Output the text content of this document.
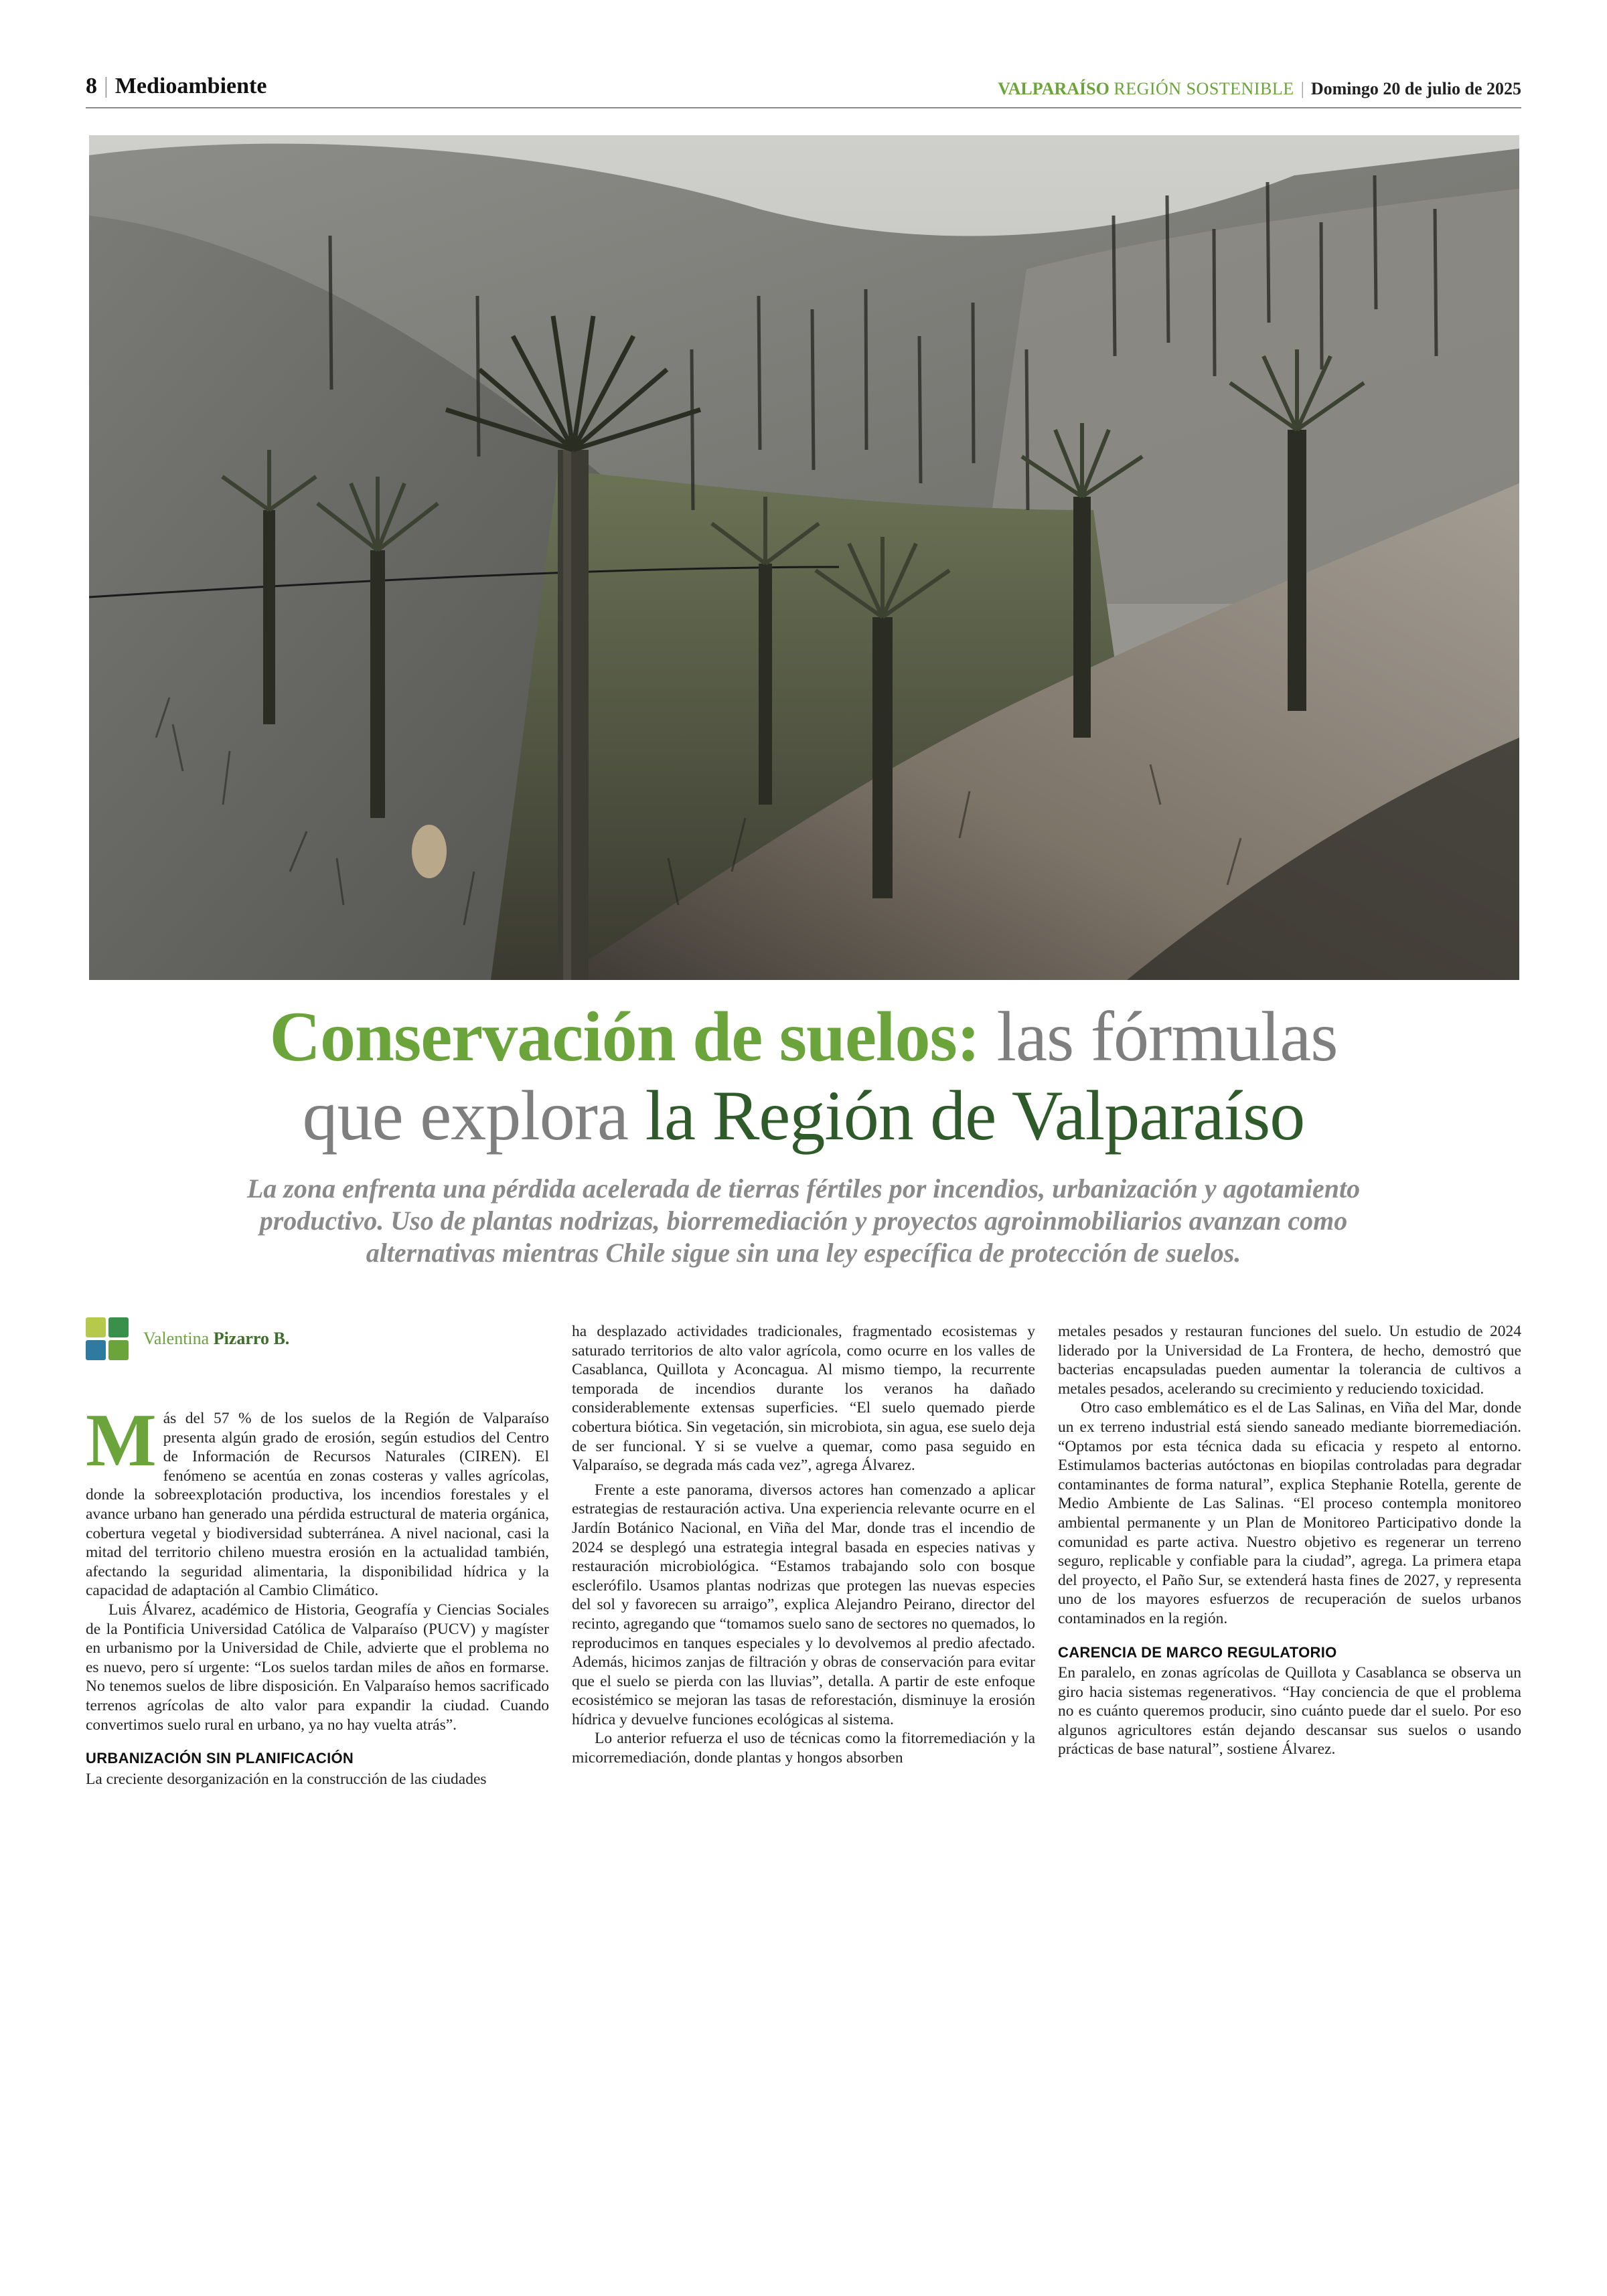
8 | Medioambiente	VALPARAÍSO REGIÓN SOSTENIBLE | Domingo 20 de julio de 2025
Conservación de suelos: las fórmulas
que explora la Región de Valparaíso
La zona enfrenta una pérdida acelerada de tierras fértiles por incendios, urbanización y agotamiento productivo. Uso de plantas nodrizas, biorremediación y proyectos agroinmobiliarios avanzan como alternativas mientras Chile sigue sin una ley específica de protección de suelos.
Valentina Pizarro B.

Más del 57 % de los suelos de la Región de Valparaíso presenta algún grado de erosión, según estudios del Centro de Información de Recursos Naturales (CIREN). El fenómeno se acentúa en zonas costeras y valles agrícolas, donde la sobreexplotación productiva, los incendios forestales y el avance urbano han generado una pérdida estructural de materia orgánica, cobertura vegetal y biodiversidad subterránea. A nivel nacional, casi la mitad del territorio chileno muestra erosión en la actualidad también, afectando la seguridad alimentaria, la disponibilidad hídrica y la capacidad de adaptación al Cambio Climático.

Luis Álvarez, académico de Historia, Geografía y Ciencias Sociales de la Pontificia Universidad Católica de Valparaíso (PUCV) y magíster en urbanismo por la Universidad de Chile, advierte que el problema no es nuevo, pero sí urgente: “Los suelos tardan miles de años en formarse. No tenemos suelos de libre disposición. En Valparaíso hemos sacrificado terrenos agrícolas de alto valor para expandir la ciudad. Cuando convertimos suelo rural en urbano, ya no hay vuelta atrás”.

URBANIZACIÓN SIN PLANIFICACIÓN

La creciente desorganización en la construcción de las ciudades

ha desplazado actividades tradicionales, fragmentado ecosistemas y saturado territorios de alto valor agrícola, como ocurre en los valles de Casablanca, Quillota y Aconcagua. Al mismo tiempo, la recurrente temporada de incendios durante los veranos ha dañado considerablemente extensas superficies. “El suelo quemado pierde cobertura biótica. Sin vegetación, sin microbiota, sin agua, ese suelo deja de ser funcional. Y si se vuelve a quemar, como pasa seguido en Valparaíso, se degrada más cada vez”, agrega Álvarez.

Frente a este panorama, diversos actores han comenzado a aplicar estrategias de restauración activa. Una experiencia relevante ocurre en el Jardín Botánico Nacional, en Viña del Mar, donde tras el incendio de 2024 se desplegó una estrategia integral basada en especies nativas y restauración microbiológica. “Estamos trabajando solo con bosque esclerófilo. Usamos plantas nodrizas que protegen las nuevas especies del sol y favorecen su arraigo”, explica Alejandro Peirano, director del recinto, agregando que “tomamos suelo sano de sectores no quemados, lo reproducimos en tanques especiales y lo devolvemos al predio afectado. Además, hicimos zanjas de filtración y obras de conservación para evitar que el suelo se pierda con las lluvias”, detalla. A partir de este enfoque ecosistémico se mejoran las tasas de reforestación, disminuye la erosión hídrica y devuelve funciones ecológicas al sistema.

Lo anterior refuerza el uso de técnicas como la fitorremediación y la micorremediación, donde plantas y hongos absorben

metales pesados y restauran funciones del suelo. Un estudio de 2024 liderado por la Universidad de La Frontera, de hecho, demostró que bacterias encapsuladas pueden aumentar la tolerancia de cultivos a metales pesados, acelerando su crecimiento y reduciendo toxicidad.

Otro caso emblemático es el de Las Salinas, en Viña del Mar, donde un ex terreno industrial está siendo saneado mediante biorremediación. “Optamos por esta técnica dada su eficacia y respeto al entorno. Estimulamos bacterias autóctonas en biopilas controladas para degradar contaminantes de forma natural”, explica Stephanie Rotella, gerente de Medio Ambiente de Las Salinas. “El proceso contempla monitoreo ambiental permanente y un Plan de Monitoreo Participativo donde la comunidad es parte activa. Nuestro objetivo es regenerar un terreno seguro, replicable y confiable para la ciudad”, agrega. La primera etapa del proyecto, el Paño Sur, se extenderá hasta fines de 2027, y representa uno de los mayores esfuerzos de recuperación de suelos urbanos contaminados en la región.

CARENCIA DE MARCO REGULATORIO

En paralelo, en zonas agrícolas de Quillota y Casablanca se observa un giro hacia sistemas regenerativos. “Hay conciencia de que el problema no es cuánto queremos producir, sino cuánto puede dar el suelo. Por eso algunos agricultores están dejando descansar sus suelos o usando prácticas de base natural”, sostiene Álvarez.
